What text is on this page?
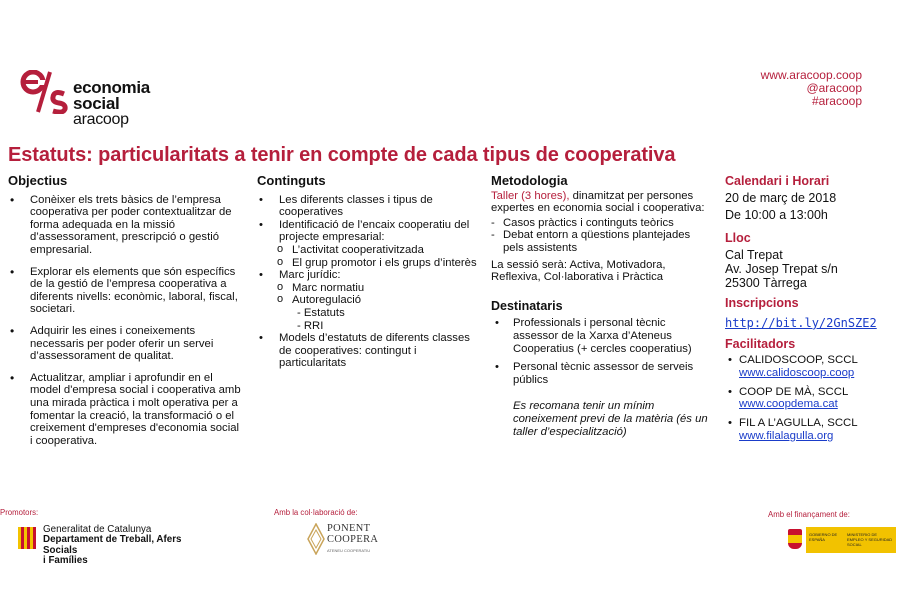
economia
social
aracoop
www.aracoop.coop
@aracoop
#aracoop
Estatuts: particularitats a tenir en compte de cada tipus de cooperativa
Objectius
• Conèixer els trets bàsics de l’empresa cooperativa per poder contextualitzar de forma adequada en la missió d’assessorament, prescripció o gestió empresarial.
• Explorar els elements que són específics de la gestió de l’empresa cooperativa a diferents nivells: econòmic, laboral, fiscal, societari.
• Adquirir les eines i coneixements necessaris per poder oferir un servei d’assessorament de qualitat.
• Actualitzar, ampliar i aprofundir en el model d'empresa social i cooperativa amb una mirada pràctica i molt operativa per a fomentar la creació, la transformació o el creixement d'empreses d'economia social i cooperativa.
Continguts
• Les diferents classes i tipus de cooperatives
• Identificació de l’encaix cooperatiu del projecte empresarial:
o L’activitat cooperativitzada
o El grup promotor i els grups d’interès
• Marc jurídic:
o Marc normatiu
o Autoregulació
- Estatuts
- RRI
• Models d’estatuts de diferents classes de cooperatives: contingut i particularitats
Metodologia
Taller (3 hores), dinamitzat per persones expertes en economia social i cooperativa:
- Casos pràctics i continguts teòrics
- Debat entorn a qüestions plantejades pels assistents
La sessió serà: Activa, Motivadora, Reflexiva, Col·laborativa i Pràctica
Destinataris
• Professionals i personal tècnic assessor de la Xarxa d’Ateneus Cooperatius (+ cercles cooperatius)
• Personal tècnic assessor de serveis públics
Es recomana tenir un mínim coneixement previ de la matèria (és un taller d’especialització)
Calendari i Horari
20 de març de 2018
De 10:00 a 13:00h
Lloc
Cal Trepat
Av. Josep Trepat s/n
25300 Tàrrega
Inscripcions
http://bit.ly/2GnSZE2
Facilitadors
• CALIDOSCOOP, SCCL
www.calidoscoop.coop
• COOP DE MÀ, SCCL
www.coopdema.cat
• FIL A L’AGULLA, SCCL
www.filalagulla.org
Promotors:
Generalitat de Catalunya
Departament de Treball, Afers Socials
i Famílies
Amb la col·laboració de:
PONENT
COOPERA
ATENEU COOPERATIU
Amb el finançament de:
GOBIERNO DE ESPAÑA
MINISTERIO DE EMPLEO Y SEGURIDAD SOCIAL
